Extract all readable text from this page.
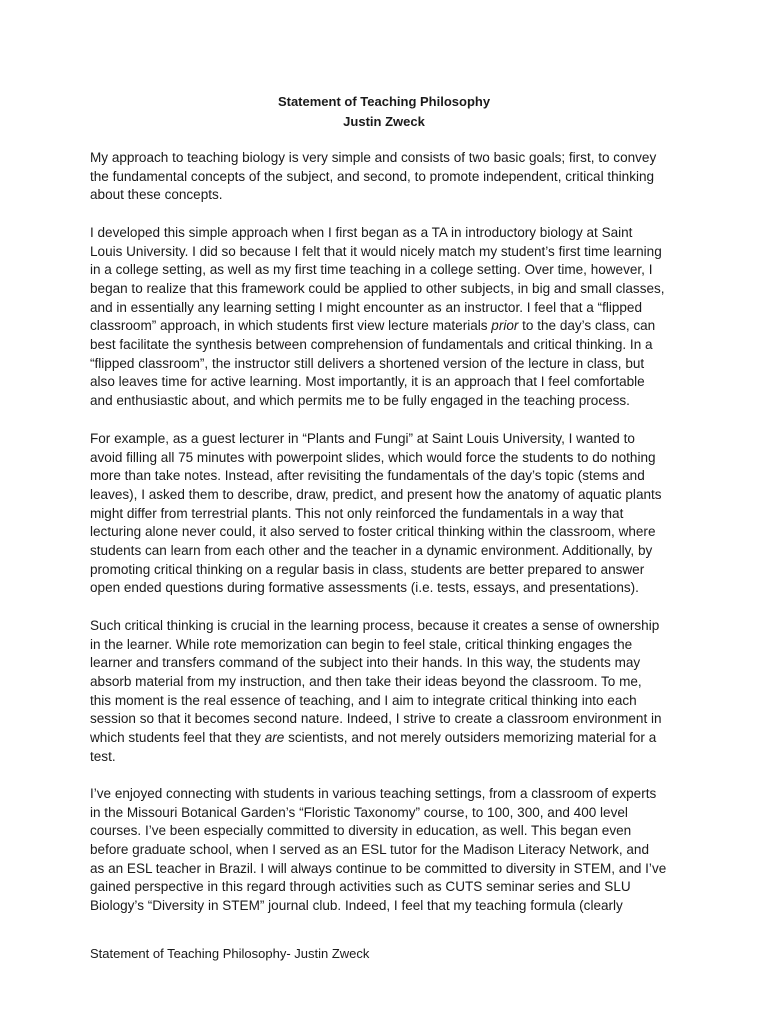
Statement of Teaching Philosophy
Justin Zweck
My approach to teaching biology is very simple and consists of two basic goals; first, to convey
the fundamental concepts of the subject, and second, to promote independent, critical thinking
about these concepts.
I developed this simple approach when I first began as a TA in introductory biology at Saint
Louis University. I did so because I felt that it would nicely match my student’s first time learning
in a college setting, as well as my first time teaching in a college setting. Over time, however, I
began to realize that this framework could be applied to other subjects, in big and small classes,
and in essentially any learning setting I might encounter as an instructor. I feel that a “flipped
classroom” approach, in which students first view lecture materials prior to the day’s class, can
best facilitate the synthesis between comprehension of fundamentals and critical thinking. In a
“flipped classroom”, the instructor still delivers a shortened version of the lecture in class, but
also leaves time for active learning. Most importantly, it is an approach that I feel comfortable
and enthusiastic about, and which permits me to be fully engaged in the teaching process.
For example, as a guest lecturer in “Plants and Fungi” at Saint Louis University, I wanted to
avoid filling all 75 minutes with powerpoint slides, which would force the students to do nothing
more than take notes. Instead, after revisiting the fundamentals of the day’s topic (stems and
leaves), I asked them to describe, draw, predict, and present how the anatomy of aquatic plants
might differ from terrestrial plants. This not only reinforced the fundamentals in a way that
lecturing alone never could, it also served to foster critical thinking within the classroom, where
students can learn from each other and the teacher in a dynamic environment. Additionally, by
promoting critical thinking on a regular basis in class, students are better prepared to answer
open ended questions during formative assessments (i.e. tests, essays, and presentations).
Such critical thinking is crucial in the learning process, because it creates a sense of ownership
in the learner. While rote memorization can begin to feel stale, critical thinking engages the
learner and transfers command of the subject into their hands. In this way, the students may
absorb material from my instruction, and then take their ideas beyond the classroom. To me,
this moment is the real essence of teaching, and I aim to integrate critical thinking into each
session so that it becomes second nature. Indeed, I strive to create a classroom environment in
which students feel that they are scientists, and not merely outsiders memorizing material for a
test.
I’ve enjoyed connecting with students in various teaching settings, from a classroom of experts
in the Missouri Botanical Garden’s “Floristic Taxonomy” course, to 100, 300, and 400 level
courses. I’ve been especially committed to diversity in education, as well. This began even
before graduate school, when I served as an ESL tutor for the Madison Literacy Network, and
as an ESL teacher in Brazil. I will always continue to be committed to diversity in STEM, and I’ve
gained perspective in this regard through activities such as CUTS seminar series and SLU
Biology’s “Diversity in STEM” journal club. Indeed, I feel that my teaching formula (clearly
Statement of Teaching Philosophy- Justin Zweck
